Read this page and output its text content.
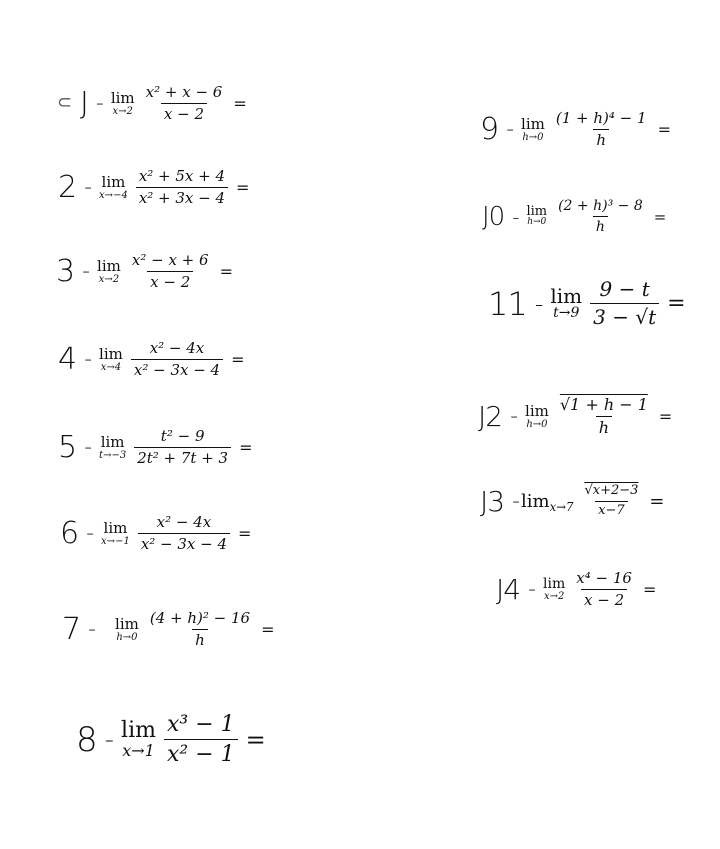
⊂ J - lim
$x\to 2 \frac{\text{x² + x − 6}}{x - 2}$ =
2 - lim
$x\to-4 \frac{\text{x² + 5x + 4}}{\text{x² + 3x − 4}}$ =
3 - lim
$x\to 2 \frac{\text{x² − x + 6}}{x - 2}$ =
4 - lim
$x\to 4 \frac{\text{x² − 4x}}{\text{x² − 3x − 4}}$ =
5 - lim
$t\to-3 \frac{\text{t² − 9}}{\text{2t² + 7t + 3}}$ =
6 - lim
$x\to-1 \frac{\text{x² − 4x}}{\text{x² − 3x − 4}}$ =
7 - lim
$h\to 0 \frac{\text{(4 + h)² − 16}}{h}$ =
8 - lim
$x\to 1 \frac{\text{x³ − 1}}{\text{x² − 1}}$ =
9 - lim
$h\to 0 \frac{\text{(1 + h)⁴ − 1}}{h}$ =
J0 - lim
$h\to 0 \frac{\text{(2 + h)³ − 8}}{h}$ =
11 - lim
$t\to 9 \frac{9 - t}{3 - √t}$ =
J2 - lim
$h\to 0 \frac{√1 + h - 1}{h}$ =
$J3 - \lim_{x\to 7} \frac{√x+2-3}{x-7}$ =
J4 - lim
$x\to 2 \frac{\text{x⁴ − 16}}{x - 2}$ =
